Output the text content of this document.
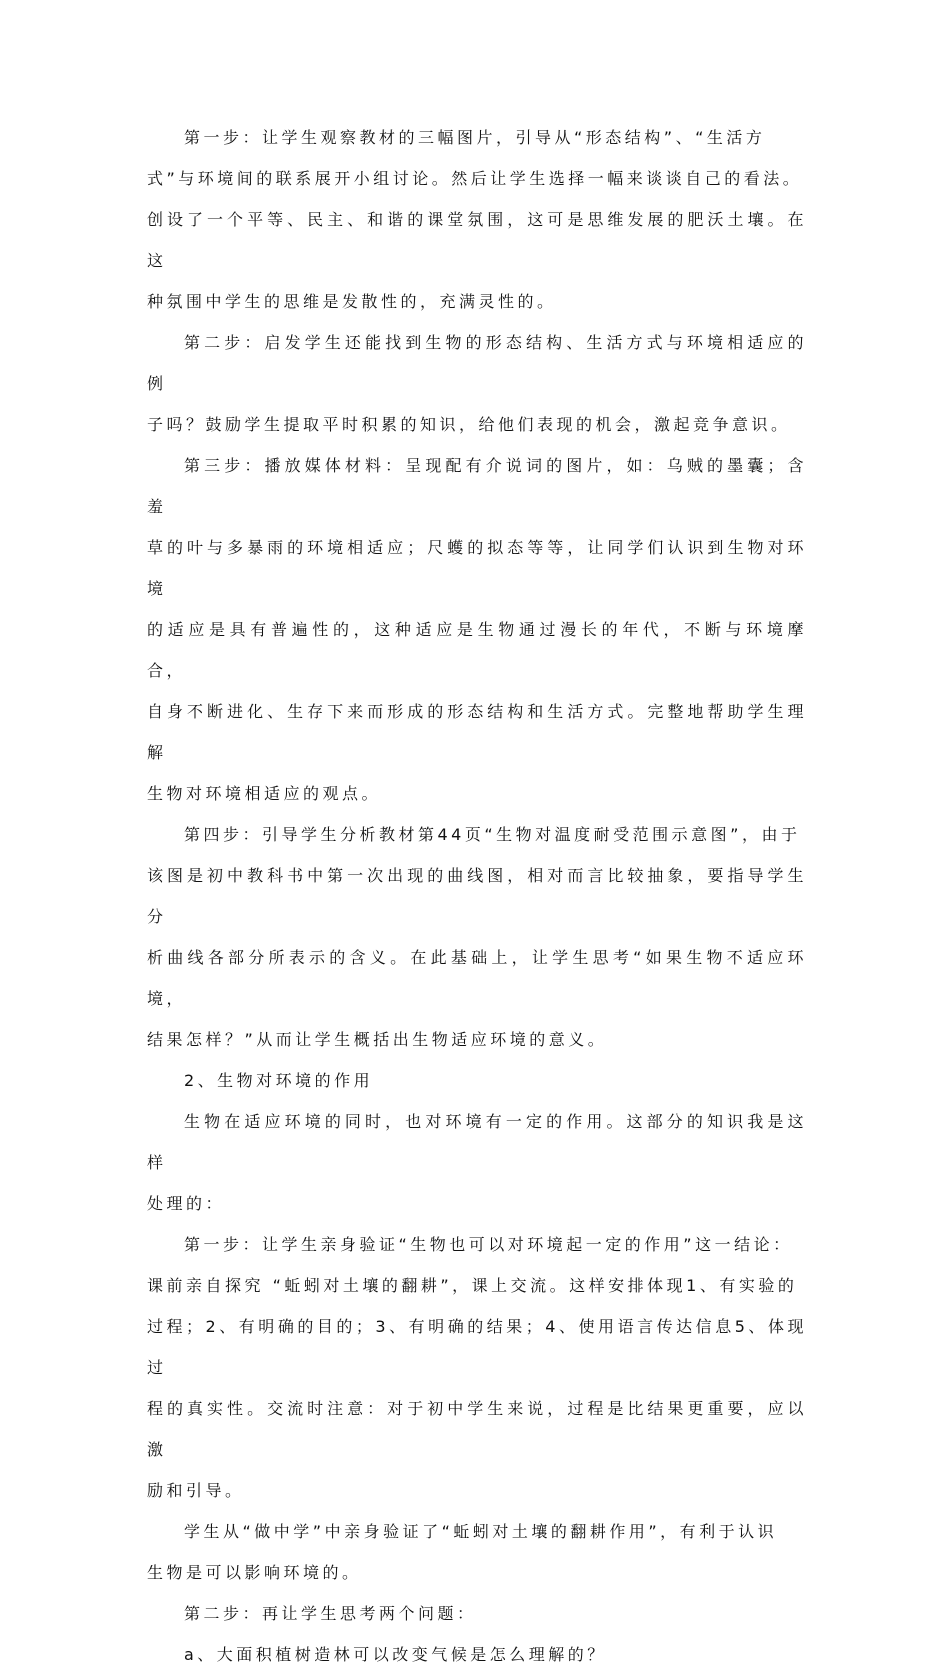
第一步：让学生观察教材的三幅图片，引导从“形态结构”、“生活方
式”与环境间的联系展开小组讨论。然后让学生选择一幅来谈谈自己的看法。
创设了一个平等、民主、和谐的课堂氛围，这可是思维发展的肥沃土壤。在这
种氛围中学生的思维是发散性的，充满灵性的。
第二步：启发学生还能找到生物的形态结构、生活方式与环境相适应的例
子吗？鼓励学生提取平时积累的知识，给他们表现的机会，激起竞争意识。
第三步：播放媒体材料：呈现配有介说词的图片，如：乌贼的墨囊；含羞
草的叶与多暴雨的环境相适应；尺蠖的拟态等等，让同学们认识到生物对环境
的适应是具有普遍性的，这种适应是生物通过漫长的年代，不断与环境摩合，
自身不断进化、生存下来而形成的形态结构和生活方式。完整地帮助学生理解
生物对环境相适应的观点。
第四步：引导学生分析教材第44页“生物对温度耐受范围示意图”，由于
该图是初中教科书中第一次出现的曲线图，相对而言比较抽象，要指导学生分
析曲线各部分所表示的含义。在此基础上，让学生思考“如果生物不适应环境，
结果怎样？”从而让学生概括出生物适应环境的意义。
2、生物对环境的作用
生物在适应环境的同时，也对环境有一定的作用。这部分的知识我是这样
处理的：
第一步：让学生亲身验证“生物也可以对环境起一定的作用”这一结论：
课前亲自探究 “蚯蚓对土壤的翻耕”，课上交流。这样安排体现1、有实验的
过程；2、有明确的目的；3、有明确的结果；4、使用语言传达信息5、体现过
程的真实性。交流时注意：对于初中学生来说，过程是比结果更重要，应以激
励和引导。
学生从“做中学”中亲身验证了“蚯蚓对土壤的翻耕作用”，有利于认识
生物是可以影响环境的。
第二步：再让学生思考两个问题：
a、大面积植树造林可以改变气候是怎么理解的？
